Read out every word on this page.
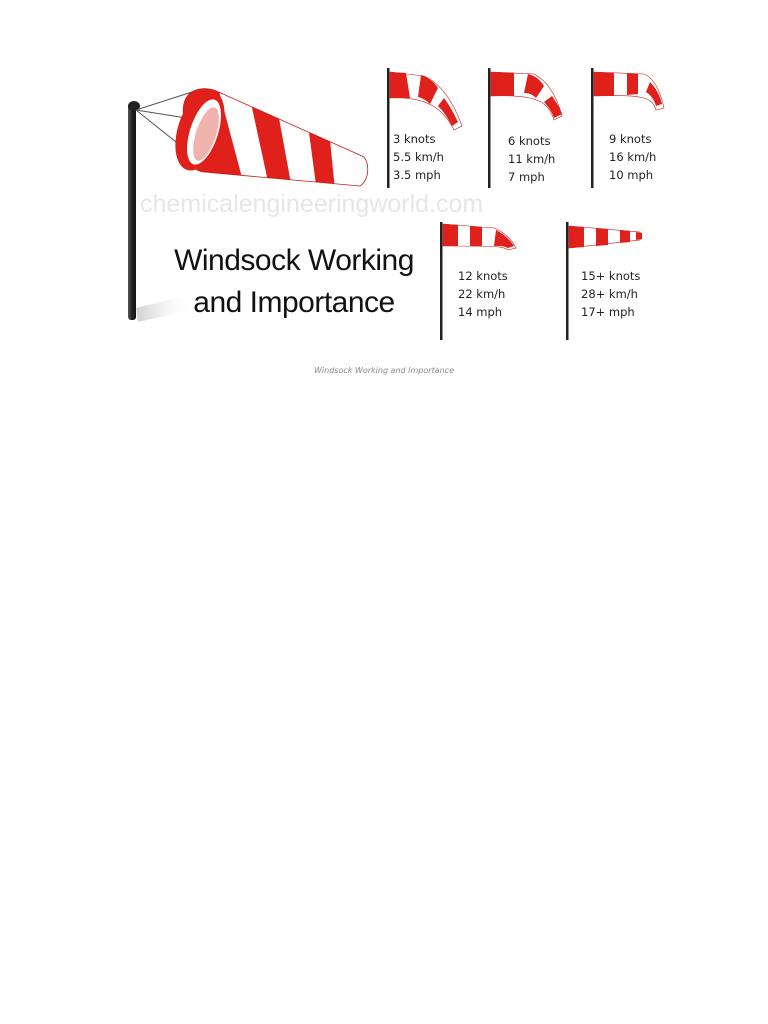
chemicalengineeringworld.com
Windsock Working
and Importance
3 knots
5.5 km/h
3.5 mph
6 knots
11 km/h
7 mph
9 knots
16 km/h
10 mph
12 knots
22 km/h
14 mph
15+ knots
28+ km/h
17+ mph
Windsock Working and Importance
